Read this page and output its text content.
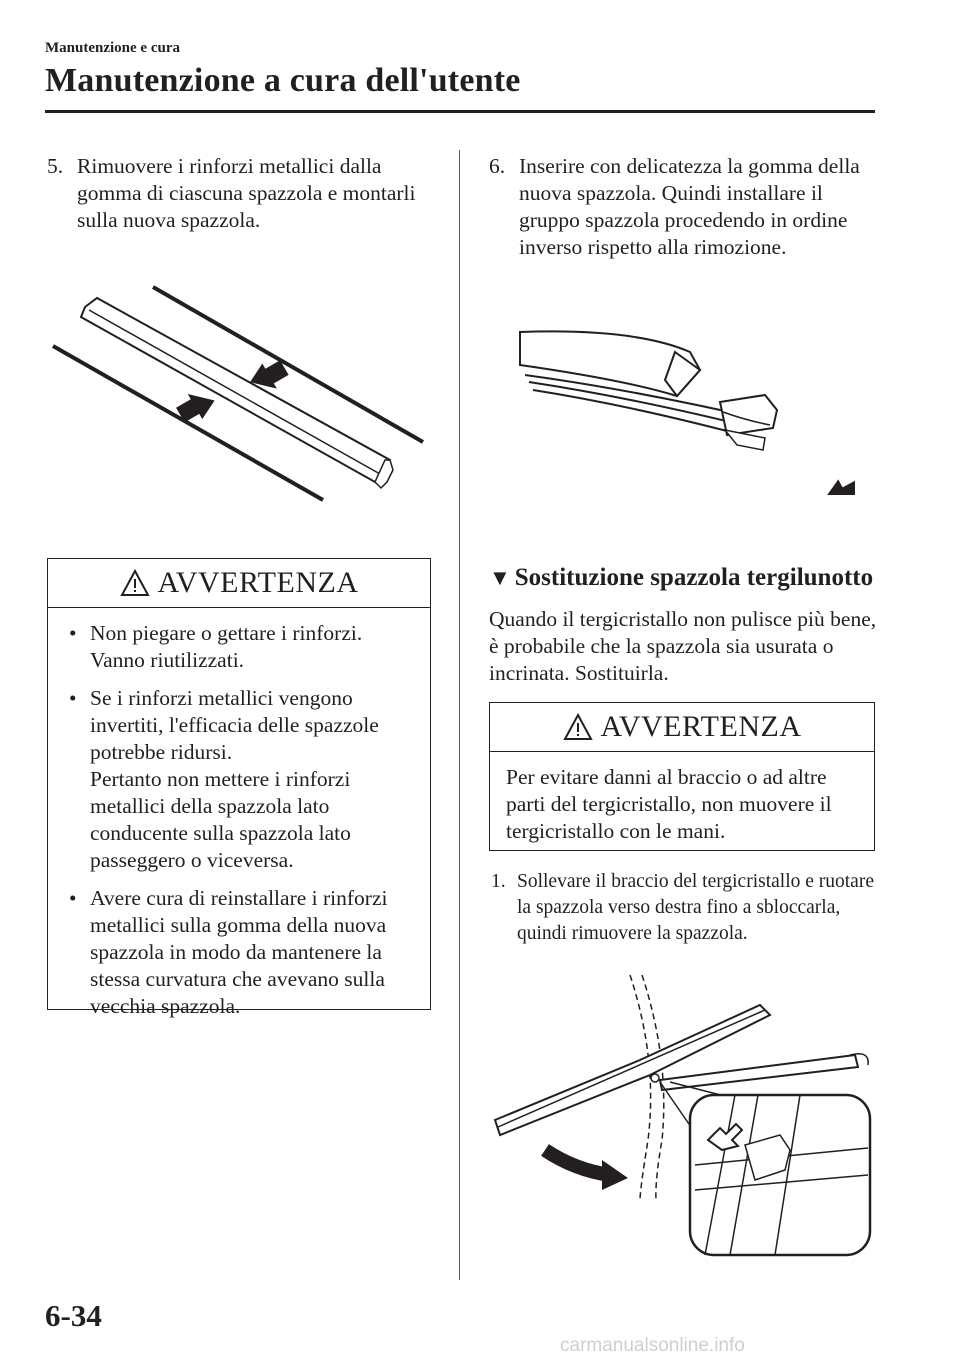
Manutenzione e cura
Manutenzione a cura dell'utente
5. Rimuovere i rinforzi metallici dalla gomma di ciascuna spazzola e montarli sulla nuova spazzola.
AVVERTENZA
• Non piegare o gettare i rinforzi. Vanno riutilizzati.
• Se i rinforzi metallici vengono invertiti, l'efficacia delle spazzole potrebbe ridursi.
Pertanto non mettere i rinforzi metallici della spazzola lato conducente sulla spazzola lato passeggero o viceversa.
• Avere cura di reinstallare i rinforzi metallici sulla gomma della nuova spazzola in modo da mantenere la stessa curvatura che avevano sulla vecchia spazzola.
6. Inserire con delicatezza la gomma della nuova spazzola. Quindi installare il gruppo spazzola procedendo in ordine inverso rispetto alla rimozione.
▼ Sostituzione spazzola tergilunotto
Quando il tergicristallo non pulisce più bene, è probabile che la spazzola sia usurata o incrinata. Sostituirla.
AVVERTENZA
Per evitare danni al braccio o ad altre parti del tergicristallo, non muovere il tergicristallo con le mani.
1. Sollevare il braccio del tergicristallo e ruotare la spazzola verso destra fino a sbloccarla, quindi rimuovere la spazzola.
6-34
carmanualsonline.info
